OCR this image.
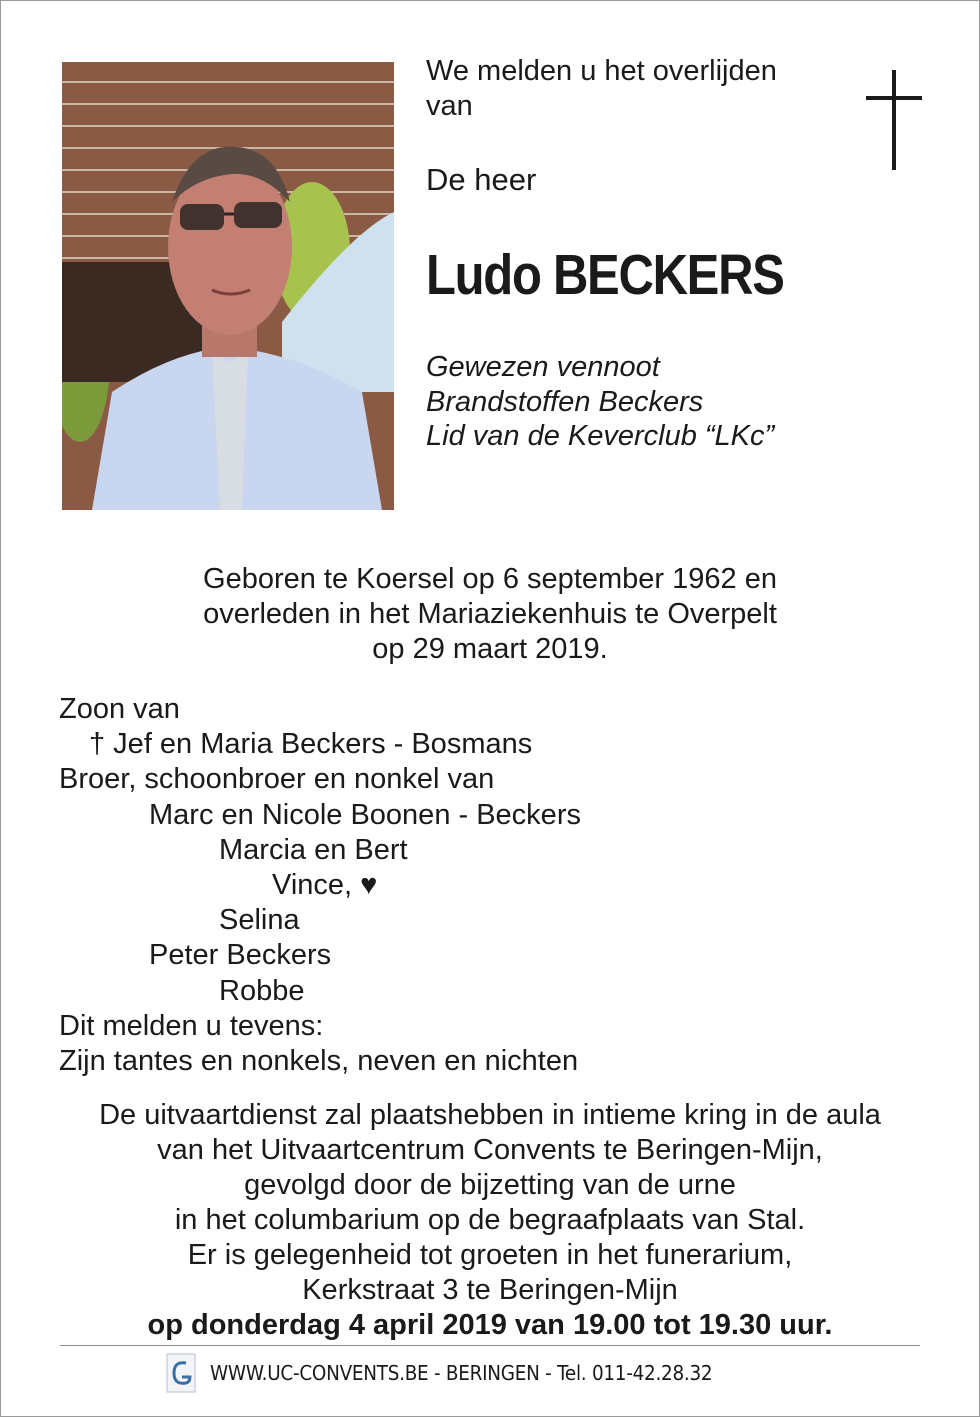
We melden u het overlijden
van
De heer
Ludo BECKERS
Gewezen vennoot
Brandstoffen Beckers
Lid van de Keverclub “LKc”
Geboren te Koersel op 6 september 1962 en
overleden in het Mariaziekenhuis te Overpelt
op 29 maart 2019.
Zoon van
† Jef en Maria Beckers - Bosmans
Broer, schoonbroer en nonkel van
Marc en Nicole Boonen - Beckers
Marcia en Bert
Vince, ♥
Selina
Peter Beckers
Robbe
Dit melden u tevens:
Zijn tantes en nonkels, neven en nichten
De uitvaartdienst zal plaatshebben in intieme kring in de aula
van het Uitvaartcentrum Convents te Beringen-Mijn,
gevolgd door de bijzetting van de urne
in het columbarium op de begraafplaats van Stal.
Er is gelegenheid tot groeten in het funerarium,
Kerkstraat 3 te Beringen-Mijn
op donderdag 4 april 2019 van 19.00 tot 19.30 uur.
WWW.UC-CONVENTS.BE - BERINGEN - Tel. 011-42.28.32
